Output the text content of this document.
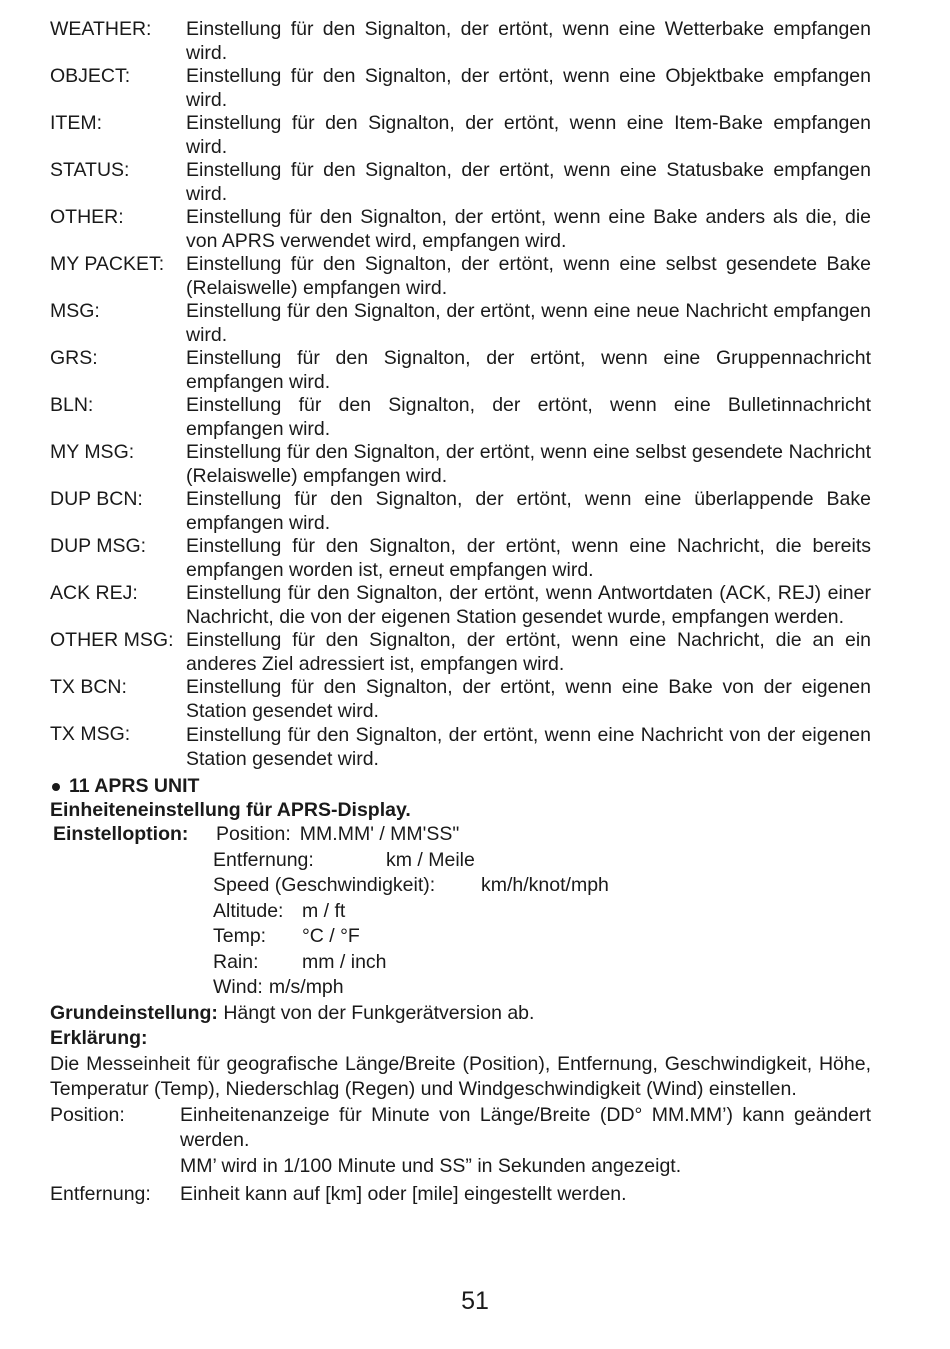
WEATHER:	Einstellung für den Signalton, der ertönt, wenn eine Wetterbake empfangen wird.
OBJECT:	Einstellung für den Signalton, der ertönt, wenn eine Objektbake empfangen wird.
ITEM:	Einstellung für den Signalton, der ertönt, wenn eine Item-Bake empfangen wird.
STATUS:	Einstellung für den Signalton, der ertönt, wenn eine Statusbake empfangen wird.
OTHER:	Einstellung für den Signalton, der ertönt, wenn eine Bake anders als die, die von APRS verwendet wird, empfangen wird.
MY PACKET:	Einstellung für den Signalton, der ertönt, wenn eine selbst gesendete Bake (Relaiswelle) empfangen wird.
MSG:	Einstellung für den Signalton, der ertönt, wenn eine neue Nachricht empfangen wird.
GRS:	Einstellung für den Signalton, der ertönt, wenn eine Gruppennachricht empfangen wird.
BLN:	Einstellung für den Signalton, der ertönt, wenn eine Bulletinnachricht empfangen wird.
MY MSG:	Einstellung für den Signalton, der ertönt, wenn eine selbst gesendete Nachricht (Relaiswelle) empfangen wird.
DUP BCN:	Einstellung für den Signalton, der ertönt, wenn eine überlappende Bake empfangen wird.
DUP MSG:	Einstellung für den Signalton, der ertönt, wenn eine Nachricht, die bereits empfangen worden ist, erneut empfangen wird.
ACK REJ:	Einstellung für den Signalton, der ertönt, wenn Antwortdaten (ACK, REJ) einer Nachricht, die von der eigenen Station gesendet wurde, empfangen werden.
OTHER MSG: Einstellung für den Signalton, der ertönt, wenn eine Nachricht, die an ein anderes Ziel adressiert ist, empfangen wird.
TX BCN:	Einstellung für den Signalton, der ertönt, wenn eine Bake von der eigenen Station gesendet wird.
TX MSG:	Einstellung für den Signalton, der ertönt, wenn eine Nachricht von der eigenen Station gesendet wird.
11 APRS UNIT
Einheiteneinstellung für APRS-Display.
Einstelloption:	Position: MM.MM' / MM'SS"
Entfernung:	km / Meile
Speed (Geschwindigkeit):	km/h/knot/mph
Altitude: m / ft
Temp:	°C / °F
Rain:	mm / inch
Wind: m/s/mph
Grundeinstellung: Hängt von der Funkgerätversion ab.
Erklärung:
Die Messeinheit für geografische Länge/Breite (Position), Entfernung, Geschwindigkeit, Höhe, Temperatur (Temp), Niederschlag (Regen) und Windgeschwindigkeit (Wind) einstellen.
Position:	Einheitenanzeige für Minute von Länge/Breite (DD° MM.MM’) kann geändert werden.
MM’ wird in 1/100 Minute und SS” in Sekunden angezeigt.
Entfernung:	Einheit kann auf [km] oder [mile] eingestellt werden.
51
